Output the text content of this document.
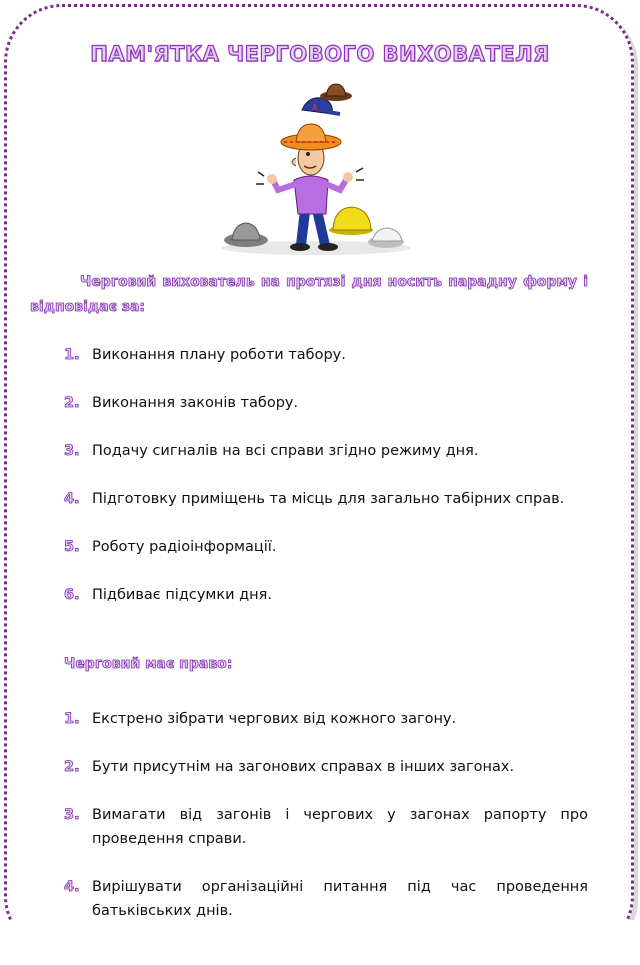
ПАМ'ЯТКА ЧЕРГОВОГО ВИХОВАТЕЛЯ
A
Черговий вихователь на протязі дня носить парадну форму і відповідає за:
1. Виконання плану роботи табору.
2. Виконання законів табору.
3. Подачу сигналів на всі справи згідно режиму дня.
4. Підготовку приміщень та місць для загально табірних справ.
5. Роботу радіоінформації.
6. Підбиває підсумки дня.
Черговий має право:
1. Екстрено зібрати чергових від кожного загону.
2. Бути присутнім на загонових справах в інших загонах.
3. Вимагати від загонів і чергових у загонах рапорту про проведення справи.
4. Вирішувати організаційні питання під час проведення батьківських днів.
